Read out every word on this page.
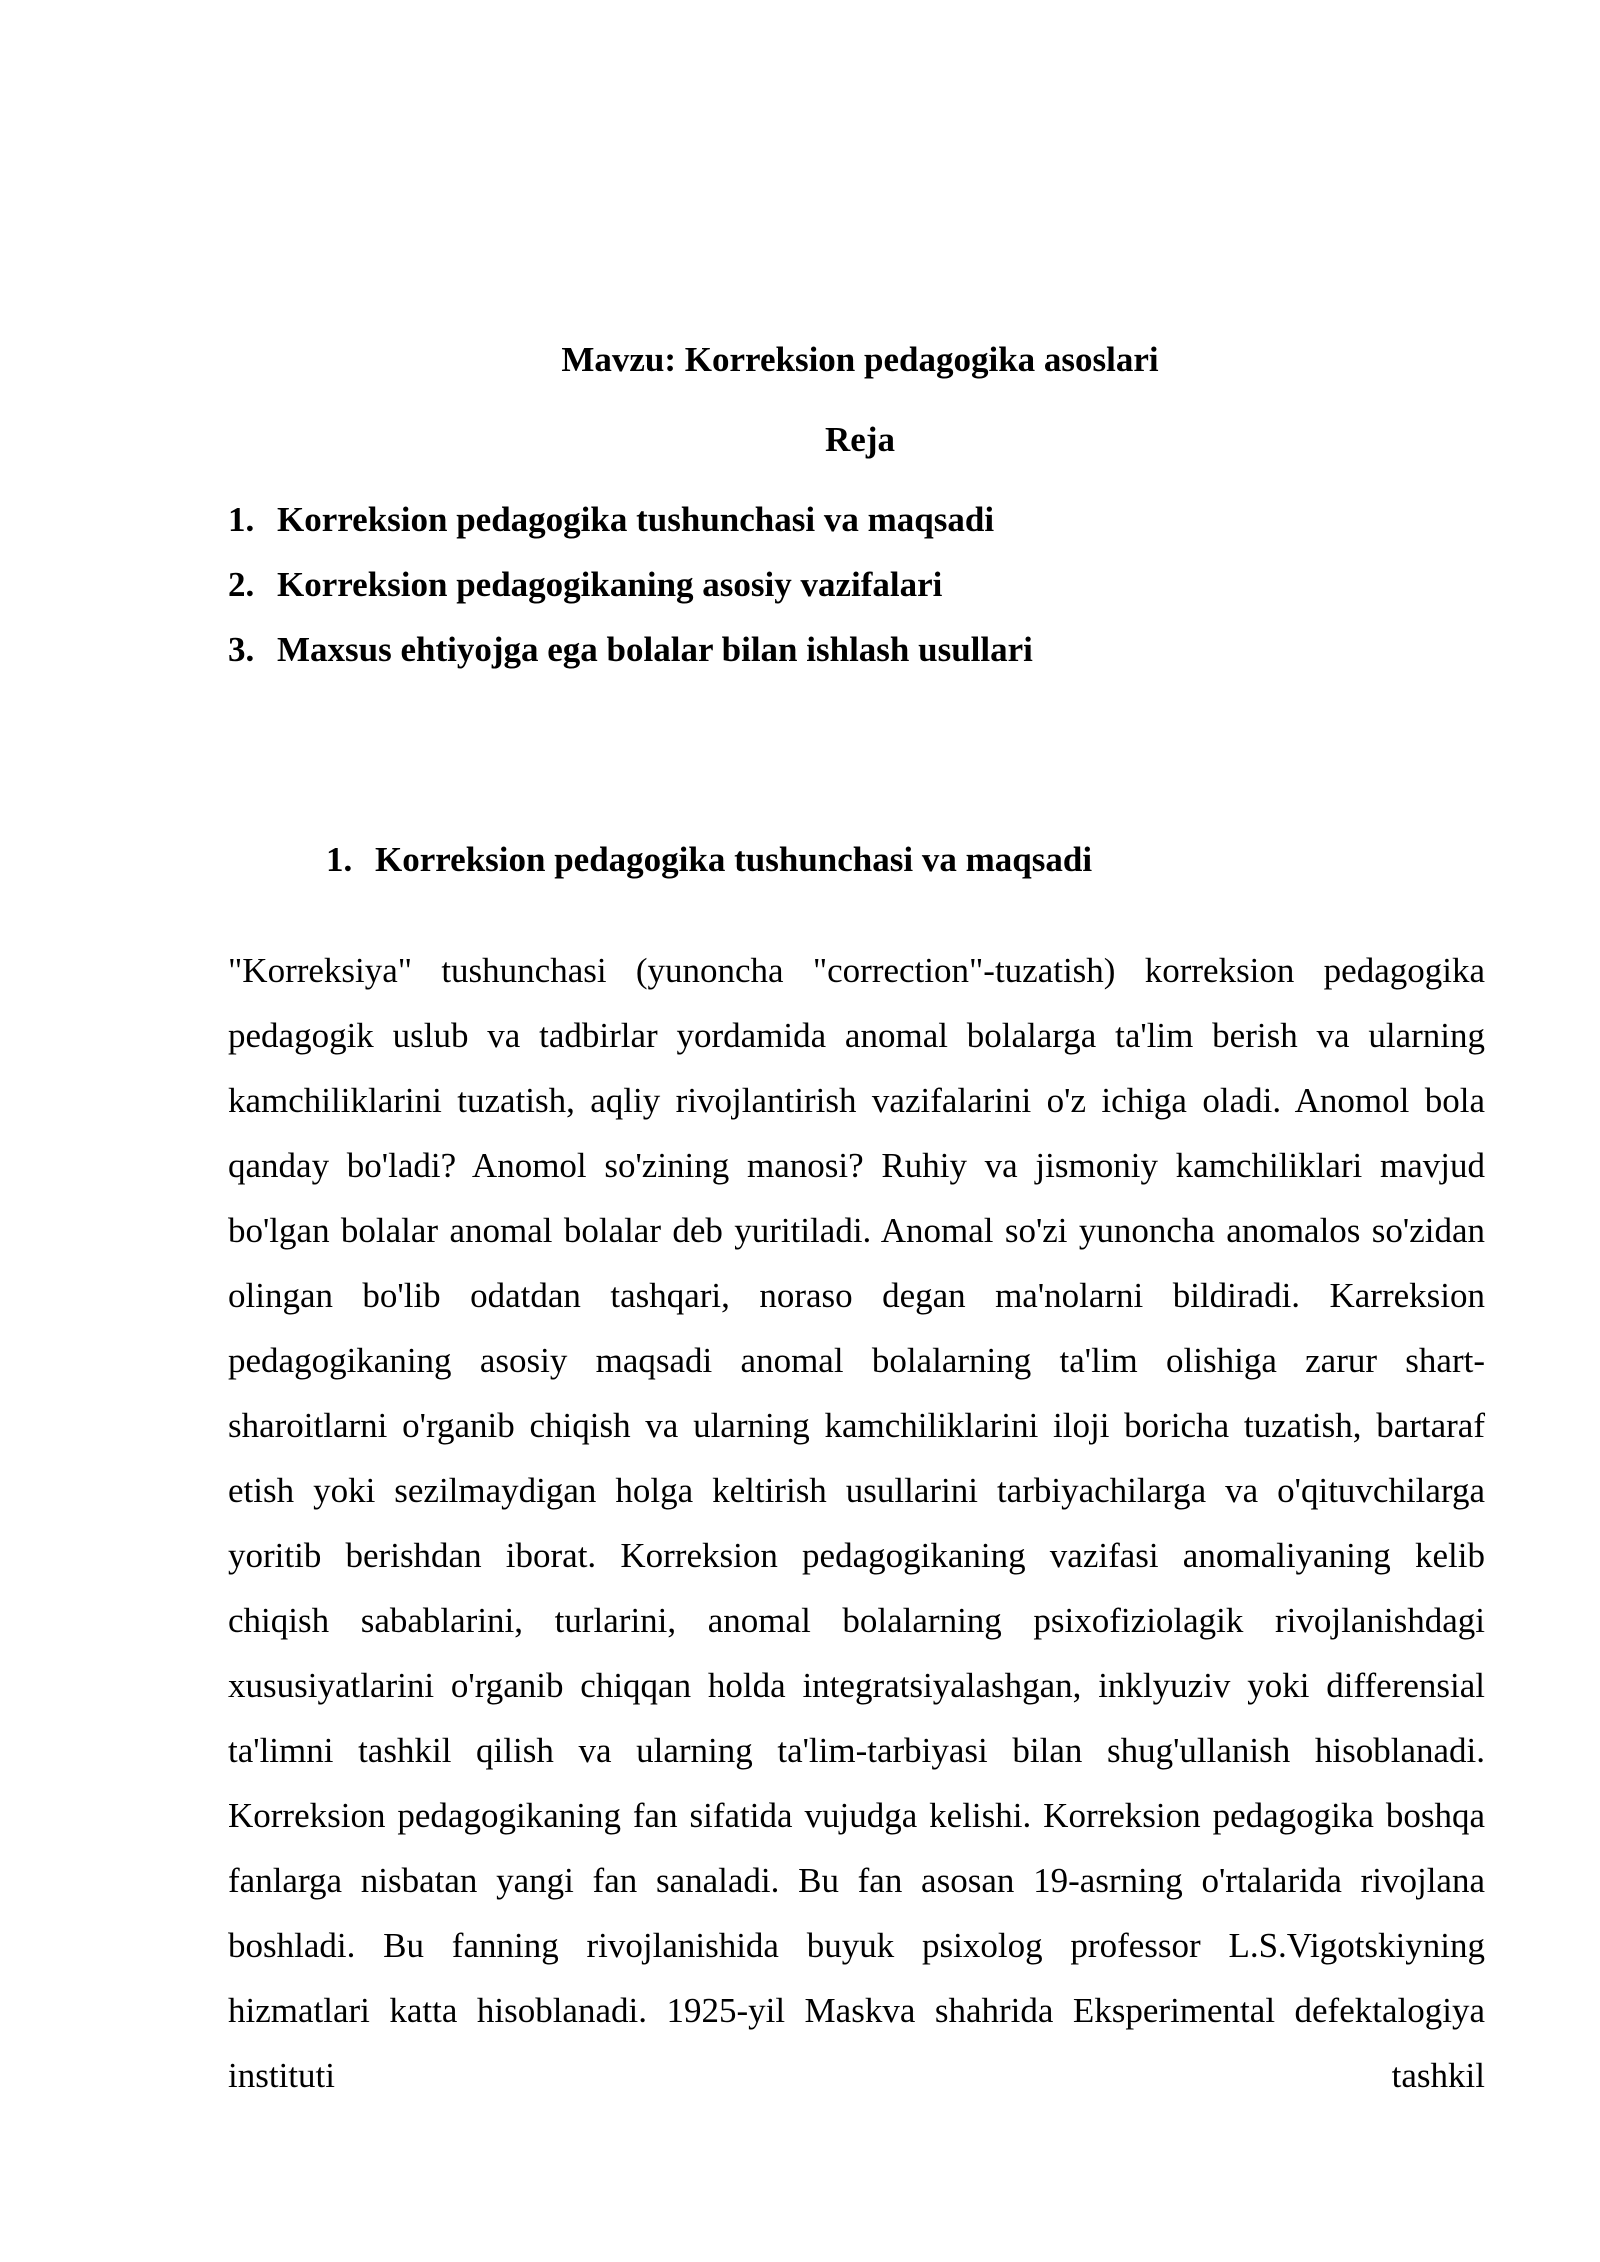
Mavzu: Korreksion pedagogika asoslari
Reja
1. Korreksion pedagogika tushunchasi va maqsadi
2. Korreksion pedagogikaning asosiy vazifalari
3. Maxsus ehtiyojga ega bolalar bilan ishlash usullari
1. Korreksion pedagogika tushunchasi va maqsadi

"Korreksiya" tushunchasi (yunoncha "correction"-tuzatish) korreksion pedagogika pedagogik uslub va tadbirlar yordamida anomal bolalarga ta'lim berish va ularning kamchiliklarini tuzatish, aqliy rivojlantirish vazifalarini o'z ichiga oladi. Anomol bola qanday bo'ladi? Anomol so'zining manosi? Ruhiy va jismoniy kamchiliklari mavjud bo'lgan bolalar anomal bolalar deb yuritiladi. Anomal so'zi yunoncha anomalos so'zidan olingan bo'lib odatdan tashqari, noraso degan ma'nolarni bildiradi. Karreksion pedagogikaning asosiy maqsadi anomal bolalarning ta'lim olishiga zarur shart-sharoitlarni o'rganib chiqish va ularning kamchiliklarini iloji boricha tuzatish, bartaraf etish yoki sezilmaydigan holga keltirish usullarini tarbiyachilarga va o'qituvchilarga yoritib berishdan iborat. Korreksion pedagogikaning vazifasi anomaliyaning kelib chiqish sabablarini, turlarini, anomal bolalarning psixofiziolagik rivojlanishdagi xususiyatlarini o'rganib chiqqan holda integratsiyalashgan, inklyuziv yoki differensial ta'limni tashkil qilish va ularning ta'lim-tarbiyasi bilan shug'ullanish hisoblanadi. Korreksion pedagogikaning fan sifatida vujudga kelishi. Korreksion pedagogika boshqa fanlarga nisbatan yangi fan sanaladi. Bu fan asosan 19-asrning o'rtalarida rivojlana boshladi. Bu fanning rivojlanishida buyuk psixolog professor L.S.Vigotskiyning hizmatlari katta hisoblanadi. 1925-yil Maskva shahrida Eksperimental defektalogiya instituti tashkil
